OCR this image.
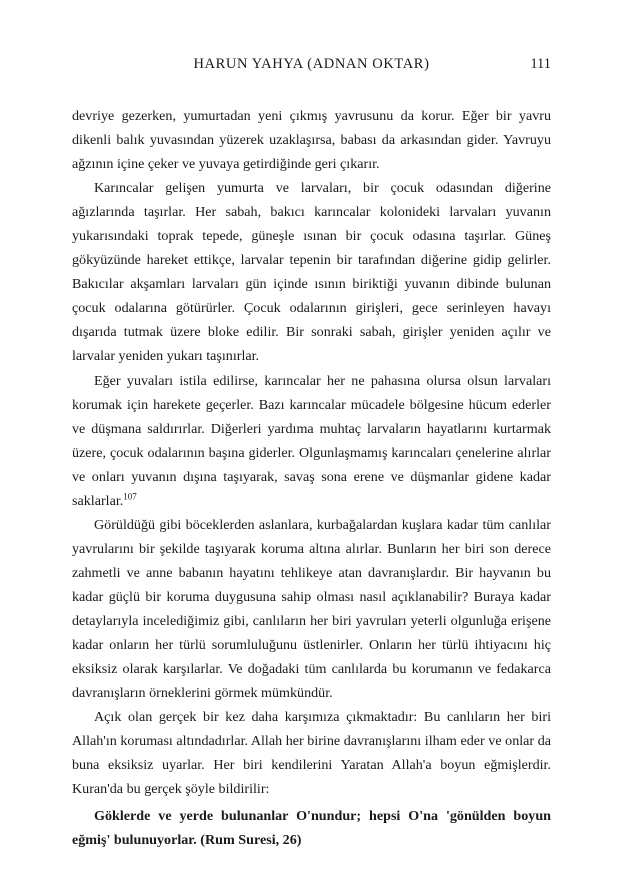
HARUN YAHYA (ADNAN OKTAR)	111

devriye gezerken, yumurtadan yeni çıkmış yavrusunu da korur. Eğer bir yavru dikenli balık yuvasından yüzerek uzaklaşırsa, babası da arkasından gider. Yavruyu ağzının içine çeker ve yuvaya getirdiğinde geri çıkarır.

Karıncalar gelişen yumurta ve larvaları, bir çocuk odasından diğerine ağızlarında taşırlar. Her sabah, bakıcı karıncalar kolonideki larvaları yuvanın yukarısındaki toprak tepede, güneşle ısınan bir çocuk odasına taşırlar. Güneş gökyüzünde hareket ettikçe, larvalar tepenin bir tarafından diğerine gidip gelirler. Bakıcılar akşamları larvaları gün içinde ısının biriktiği yuvanın dibinde bulunan çocuk odalarına götürürler. Çocuk odalarının girişleri, gece serinleyen havayı dışarıda tutmak üzere bloke edilir. Bir sonraki sabah, girişler yeniden açılır ve larvalar yeniden yukarı taşınırlar.

Eğer yuvaları istila edilirse, karıncalar her ne pahasına olursa olsun larvaları korumak için harekete geçerler. Bazı karıncalar mücadele bölgesine hücum ederler ve düşmana saldırırlar. Diğerleri yardıma muhtaç larvaların hayatlarını kurtarmak üzere, çocuk odalarının başına giderler. Olgunlaşmamış karıncaları çenelerine alırlar ve onları yuvanın dışına taşıyarak, savaş sona erene ve düşmanlar gidene kadar saklarlar.$^{107}$

Görüldüğü gibi böceklerden aslanlara, kurbağalardan kuşlara kadar tüm canlılar yavrularını bir şekilde taşıyarak koruma altına alırlar. Bunların her biri son derece zahmetli ve anne babanın hayatını tehlikeye atan davranışlardır. Bir hayvanın bu kadar güçlü bir koruma duygusuna sahip olması nasıl açıklanabilir? Buraya kadar detaylarıyla incelediğimiz gibi, canlıların her biri yavruları yeterli olgunluğa erişene kadar onların her türlü sorumluluğunu üstlenirler. Onların her türlü ihtiyacını hiç eksiksiz olarak karşılarlar. Ve doğadaki tüm canlılarda bu korumanın ve fedakarca davranışların örneklerini görmek mümkündür.

Açık olan gerçek bir kez daha karşımıza çıkmaktadır: Bu canlıların her biri Allah'ın koruması altındadırlar. Allah her birine davranışlarını ilham eder ve onlar da buna eksiksiz uyarlar. Her biri kendilerini Yaratan Allah'a boyun eğmişlerdir. Kuran'da bu gerçek şöyle bildirilir:

Göklerde ve yerde bulunanlar O'nundur; hepsi O'na 'gönülden boyun eğmiş' bulunuyorlar. (Rum Suresi, 26)
